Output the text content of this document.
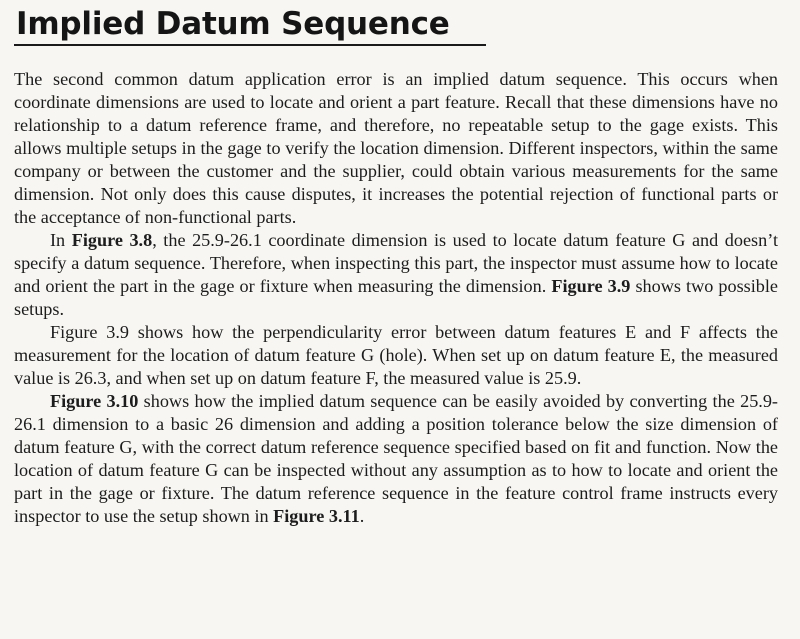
Implied Datum Sequence

The second common datum application error is an implied datum sequence. This occurs when coordinate dimensions are used to locate and orient a part feature. Recall that these dimensions have no relationship to a datum reference frame, and therefore, no repeatable setup to the gage exists. This allows multiple setups in the gage to verify the location dimension. Different inspectors, within the same company or between the customer and the supplier, could obtain various measurements for the same dimension. Not only does this cause disputes, it increases the potential rejection of functional parts or the acceptance of non-functional parts.

In Figure 3.8, the 25.9-26.1 coordinate dimension is used to locate datum feature G and doesn’t specify a datum sequence. Therefore, when inspecting this part, the inspector must assume how to locate and orient the part in the gage or fixture when measuring the dimension. Figure 3.9 shows two possible setups.

Figure 3.9 shows how the perpendicularity error between datum features E and F affects the measurement for the location of datum feature G (hole). When set up on datum feature E, the measured value is 26.3, and when set up on datum feature F, the measured value is 25.9.

Figure 3.10 shows how the implied datum sequence can be easily avoided by converting the 25.9-26.1 dimension to a basic 26 dimension and adding a position tolerance below the size dimension of datum feature G, with the correct datum reference sequence specified based on fit and function. Now the location of datum feature G can be inspected without any assumption as to how to locate and orient the part in the gage or fixture. The datum reference sequence in the feature control frame instructs every inspector to use the setup shown in Figure 3.11.
